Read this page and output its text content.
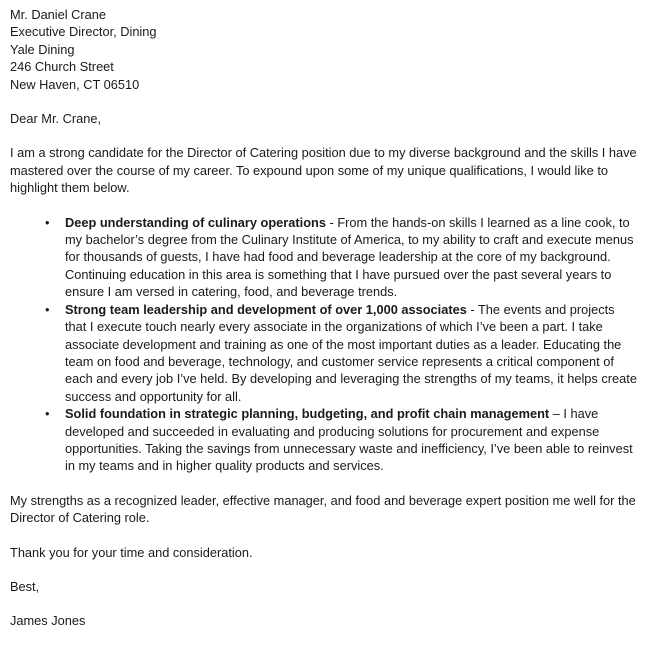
Mr. Daniel Crane
Executive Director, Dining
Yale Dining
246 Church Street
New Haven, CT 06510

Dear Mr. Crane,

I am a strong candidate for the Director of Catering position due to my diverse background and the skills I have mastered over the course of my career. To expound upon some of my unique qualifications, I would like to highlight them below.

• Deep understanding of culinary operations - From the hands-on skills I learned as a line cook, to my bachelor’s degree from the Culinary Institute of America, to my ability to craft and execute menus for thousands of guests, I have had food and beverage leadership at the core of my background. Continuing education in this area is something that I have pursued over the past several years to ensure I am versed in catering, food, and beverage trends.
• Strong team leadership and development of over 1,000 associates - The events and projects that I execute touch nearly every associate in the organizations of which I’ve been a part. I take associate development and training as one of the most important duties as a leader. Educating the team on food and beverage, technology, and customer service represents a critical component of each and every job I’ve held. By developing and leveraging the strengths of my teams, it helps create success and opportunity for all.
• Solid foundation in strategic planning, budgeting, and profit chain management – I have developed and succeeded in evaluating and producing solutions for procurement and expense opportunities. Taking the savings from unnecessary waste and inefficiency, I’ve been able to reinvest in my teams and in higher quality products and services.

My strengths as a recognized leader, effective manager, and food and beverage expert position me well for the Director of Catering role.

Thank you for your time and consideration.

Best,

James Jones
